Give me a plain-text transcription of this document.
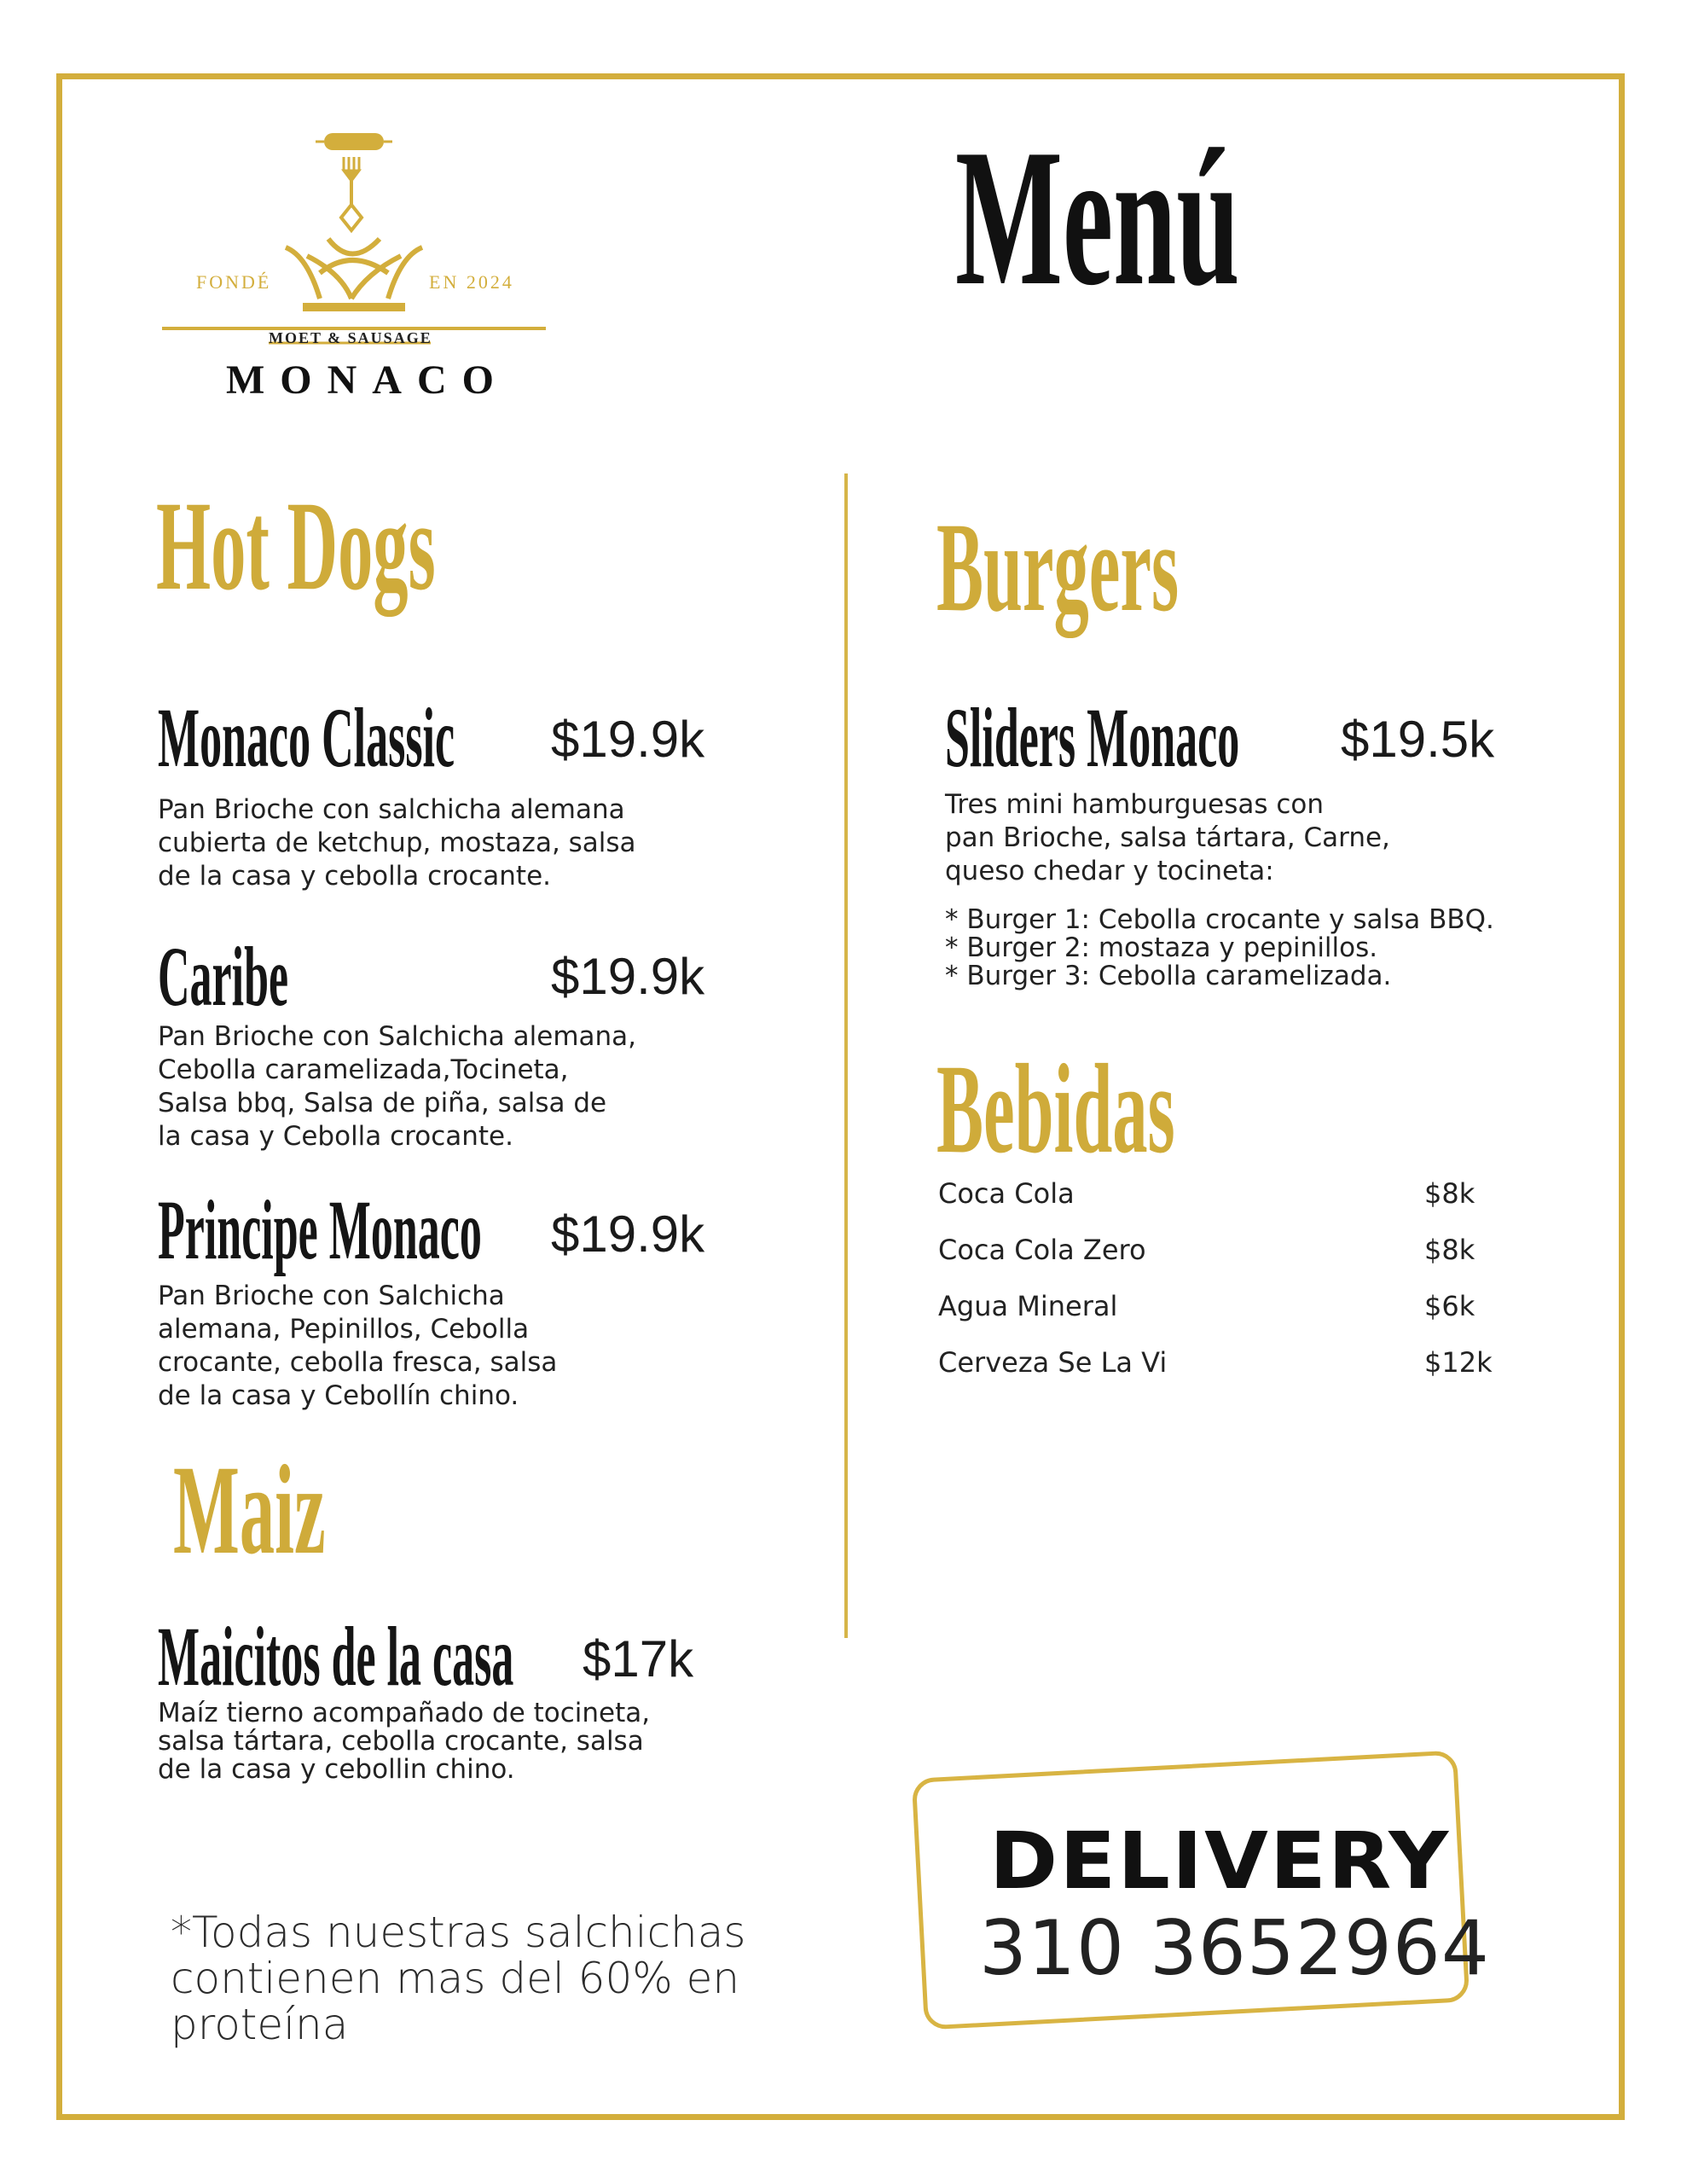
FONDÉ	EN 2024
MOET & SAUSAGE
MONACO
Menú
Hot Dogs
Monaco Classic $19.9k

Pan Brioche con salchicha alemana

cubierta de ketchup, mostaza, salsa

de la casa y cebolla crocante.

Caribe	$19.9k

Pan Brioche con Salchicha alemana,

Cebolla caramelizada,Tocineta,

Salsa bbq, Salsa de piña, salsa de

la casa y Cebolla crocante.

Principe Monaco $19.9k

Pan Brioche con Salchicha

alemana, Pepinillos, Cebolla

crocante, cebolla fresca, salsa

de la casa y Cebollín chino.

Maiz
Maicitos de la casa $17k

Maíz tierno acompañado de tocineta,

salsa tártara, cebolla crocante, salsa

de la casa y cebollin chino.

Burgers
Sliders Monaco $19.5k

Tres mini hamburguesas con

pan Brioche, salsa tártara, Carne,

queso chedar y tocineta:

* Burger 1: Cebolla crocante y salsa BBQ.
* Burger 2: mostaza y pepinillos.
* Burger 3: Cebolla caramelizada.
Bebidas
Coca Cola	$8k
Coca Cola Zero	$8k
Agua Mineral	$6k
Cerveza Se La Vi	$12k
DELIVERY
310 3652964
*Todas nuestras salchichas contienen mas del 60% en proteína
